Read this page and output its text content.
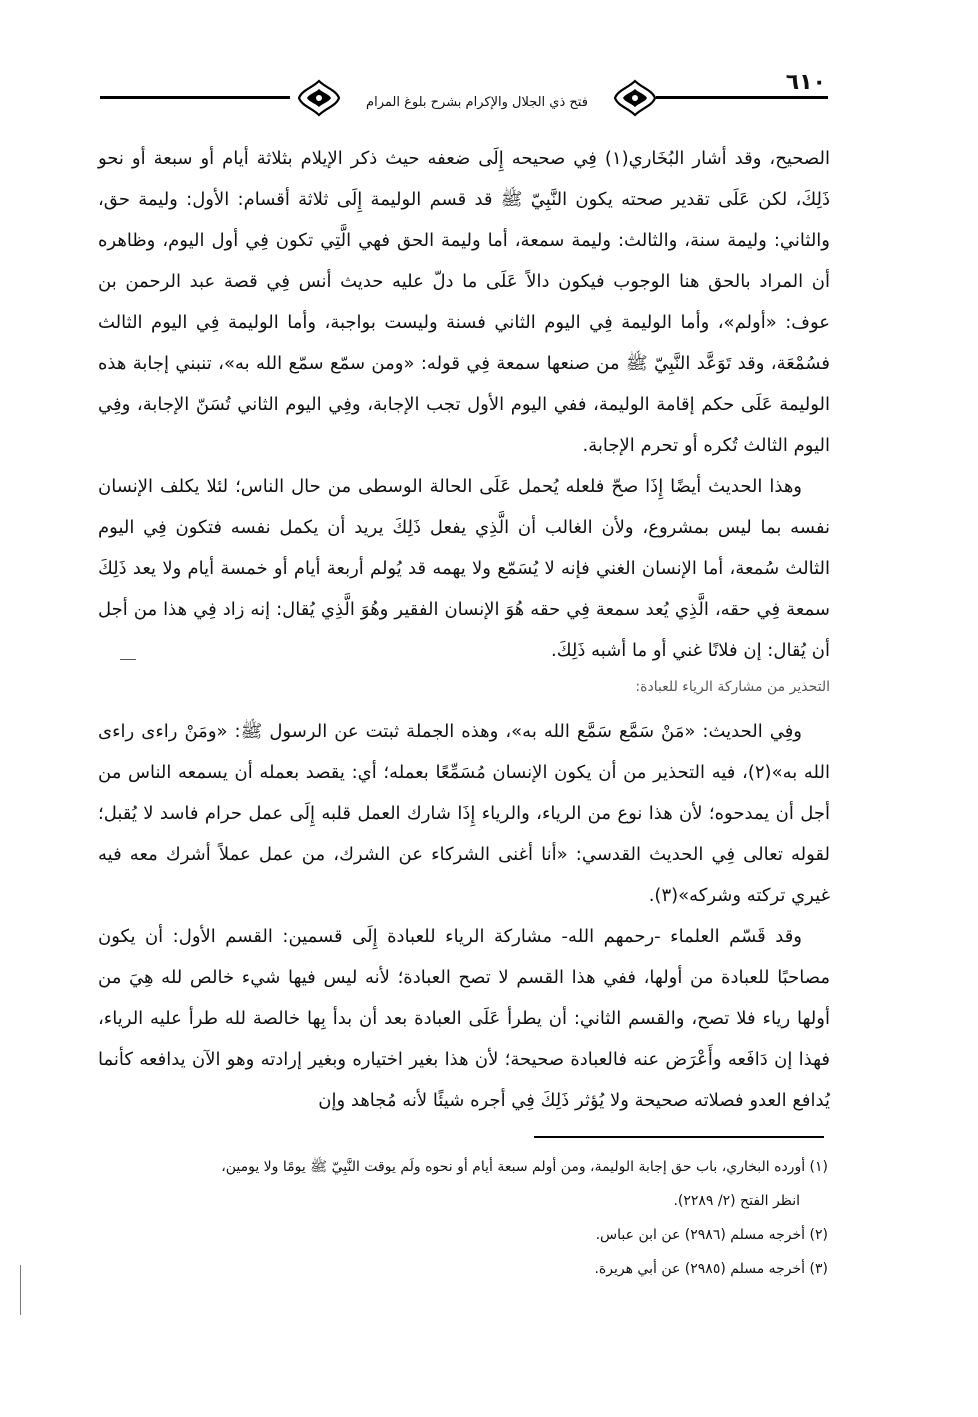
فتح ذي الجلال والإكرام بشرح بلوغ المرام
٦١٠

الصحيح، وقد أشار البُخَاري(١) فِي صحيحه إِلَى ضعفه حيث ذكر الإيلام بثلاثة أيام أو سبعة أو نحو ذَلِكَ، لكن عَلَى تقدير صحته يكون النَّبِيّ ﷺ قد قسم الوليمة إِلَى ثلاثة أقسام: الأول: وليمة حق، والثاني: وليمة سنة، والثالث: وليمة سمعة، أما وليمة الحق فهي الَّتِي تكون فِي أول اليوم، وظاهره أن المراد بالحق هنا الوجوب فيكون دالاً عَلَى ما دلّ عليه حديث أنس فِي قصة عبد الرحمن بن عوف: «أولم»، وأما الوليمة فِي اليوم الثاني فسنة وليست بواجبة، وأما الوليمة فِي اليوم الثالث فسُمْعَة، وقد تَوَعَّد النَّبِيّ ﷺ من صنعها سمعة فِي قوله: «ومن سمّع سمّع الله به»، تنبني إجابة هذه الوليمة عَلَى حكم إقامة الوليمة، ففي اليوم الأول تجب الإجابة، وفِي اليوم الثاني تُسَنّ الإجابة، وفِي اليوم الثالث تُكره أو تحرم الإجابة.

وهذا الحديث أيضًا إِذَا صحّ فلعله يُحمل عَلَى الحالة الوسطى من حال الناس؛ لئلا يكلف الإنسان نفسه بما ليس بمشروع، ولأن الغالب أن الَّذِي يفعل ذَلِكَ يريد أن يكمل نفسه فتكون فِي اليوم الثالث سُمعة، أما الإنسان الغني فإنه لا يُسَمّع ولا يهمه قد يُولم أربعة أيام أو خمسة أيام ولا يعد ذَلِكَ سمعة فِي حقه، الَّذِي يُعد سمعة فِي حقه هُوَ الإنسان الفقير وهُوَ الَّذِي يُقال: إنه زاد فِي هذا من أجل أن يُقال: إن فلانًا غني أو ما أشبه ذَلِكَ.

التحذير من مشاركة الرياء للعبادة:

وفِي الحديث: «مَنْ سَمَّع سَمَّع الله به»، وهذه الجملة ثبتت عن الرسول ﷺ: «ومَنْ راءى راءى الله به»(٢)، فيه التحذير من أن يكون الإنسان مُسَمِّعًا بعمله؛ أي: يقصد بعمله أن يسمعه الناس من أجل أن يمدحوه؛ لأن هذا نوع من الرياء، والرياء إِذَا شارك العمل قلبه إِلَى عمل حرام فاسد لا يُقبل؛ لقوله تعالى فِي الحديث القدسي: «أنا أغنى الشركاء عن الشرك، من عمل عملاً أشرك معه فيه غيري تركته وشركه»(٣).

وقد قَسّم العلماء -رحمهم الله- مشاركة الرياء للعبادة إِلَى قسمين: القسم الأول: أن يكون مصاحبًا للعبادة من أولها، ففي هذا القسم لا تصح العبادة؛ لأنه ليس فيها شيء خالص لله هِيَ من أولها رياء فلا تصح، والقسم الثاني: أن يطرأ عَلَى العبادة بعد أن بدأ بِها خالصة لله طرأ عليه الرياء، فهذا إن دَافَعه وأَعْرَض عنه فالعبادة صحيحة؛ لأن هذا بغير اختياره وبغير إرادته وهو الآن يدافعه كأنما يُدافع العدو فصلاته صحيحة ولا يُؤثر ذَلِكَ فِي أجره شيئًا لأنه مُجاهد وإن

(١) أورده البخاري، باب حق إجابة الوليمة، ومن أولم سبعة أيام أو نحوه ولَم يوقت النَّبِيّ ﷺ يومًا ولا يومين،

انظر الفتح (٢/ ٢٢٨٩).

(٢) أخرجه مسلم (٢٩٨٦) عن ابن عباس.

(٣) أخرجه مسلم (٢٩٨٥) عن أبي هريرة.
